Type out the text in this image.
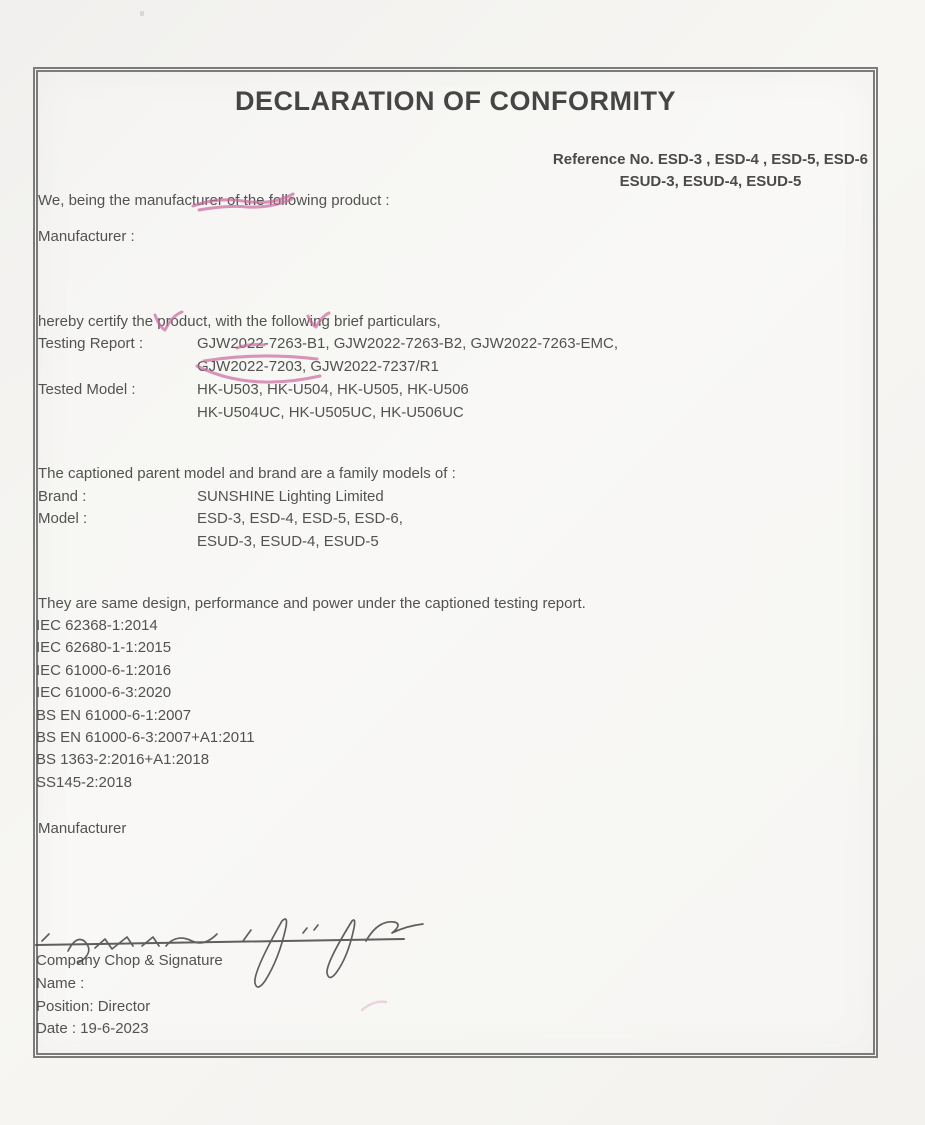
DECLARATION OF CONFORMITY
Reference No. ESD-3 , ESD-4 , ESD-5, ESD-6
ESUD-3, ESUD-4, ESUD-5
We, being the manufacturer of the following product :
Manufacturer :
hereby certify the product, with the following brief particulars,
Testing Report :	GJW2022-7263-B1, GJW2022-7263-B2, GJW2022-7263-EMC,
GJW2022-7203, GJW2022-7237/R1
Tested Model :	HK-U503, HK-U504, HK-U505, HK-U506
HK-U504UC, HK-U505UC, HK-U506UC
The captioned parent model and brand are a family models of :
Brand :	SUNSHINE Lighting Limited
Model :	ESD-3, ESD-4, ESD-5, ESD-6,
ESUD-3, ESUD-4, ESUD-5
They are same design, performance and power under the captioned testing report.
IEC 62368-1:2014
IEC 62680-1-1:2015
IEC 61000-6-1:2016
IEC 61000-6-3:2020
BS EN 61000-6-1:2007
BS EN 61000-6-3:2007+A1:2011
BS 1363-2:2016+A1:2018
SS145-2:2018
Manufacturer
Company Chop & Signature
Name :
Position: Director
Date : 19-6-2023
